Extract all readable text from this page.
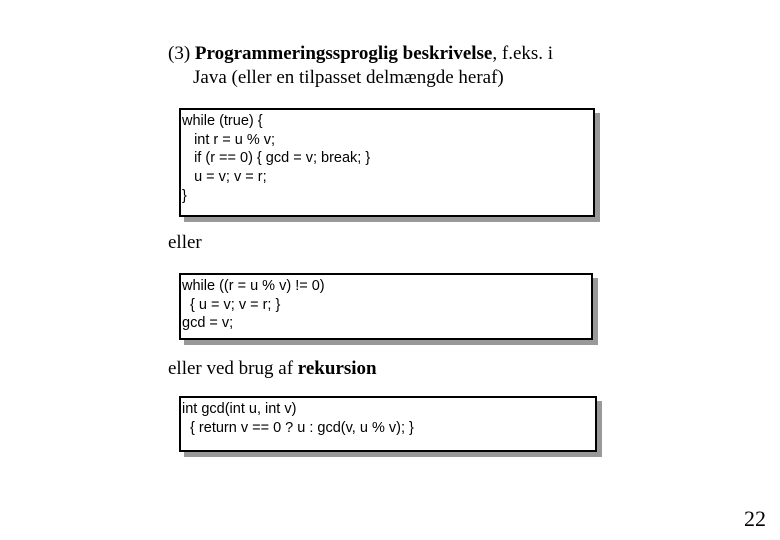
(3) Programmeringssproglig beskrivelse, f.eks. i
Java (eller en tilpasset delmængde heraf)
while (true) {
int r = u % v;
if (r == 0) { gcd = v; break; }
u = v; v = r;
}
eller
while ((r = u % v) != 0)
{ u = v; v = r; }
gcd = v;
eller ved brug af rekursion
int gcd(int u, int v)
{ return v == 0 ? u : gcd(v, u % v); }
22
